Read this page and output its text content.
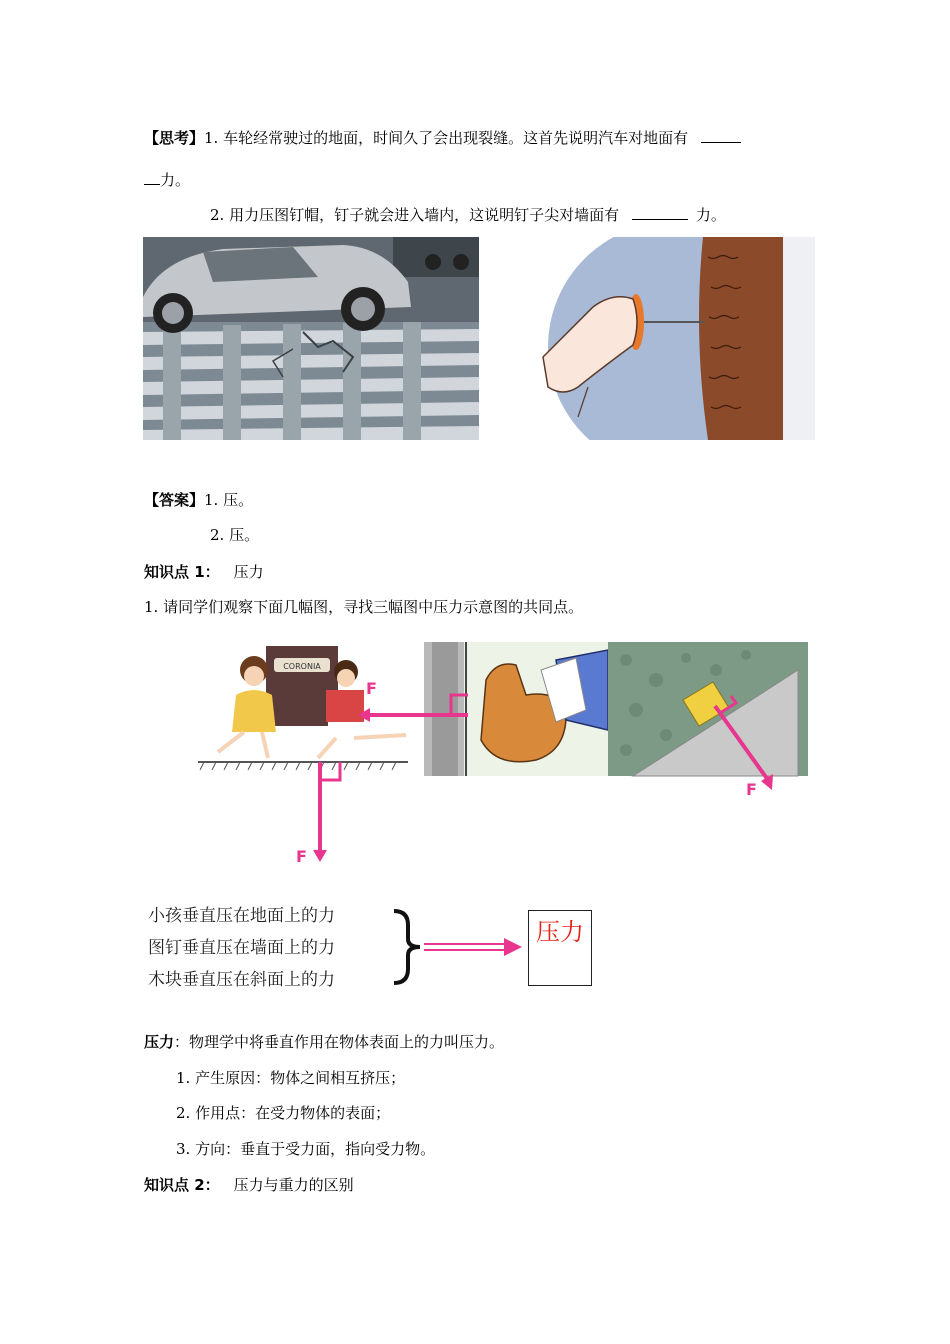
【思考】1. 车轮经常驶过的地面，时间久了会出现裂缝。这首先说明汽车对地面有
力。
2. 用力压图钉帽，钉子就会进入墙内，这说明钉子尖对墙面有	力。
【答案】1. 压。
2. 压。
知识点 1： 压力
1. 请同学们观察下面几幅图，寻找三幅图中压力示意图的共同点。
CORONIA
F
F
F
小孩垂直压在地面上的力
图钉垂直压在墙面上的力
木块垂直压在斜面上的力
压力
压力：物理学中将垂直作用在物体表面上的力叫压力。
1. 产生原因：物体之间相互挤压；
2. 作用点：在受力物体的表面；
3. 方向：垂直于受力面，指向受力物。
知识点 2： 压力与重力的区别
